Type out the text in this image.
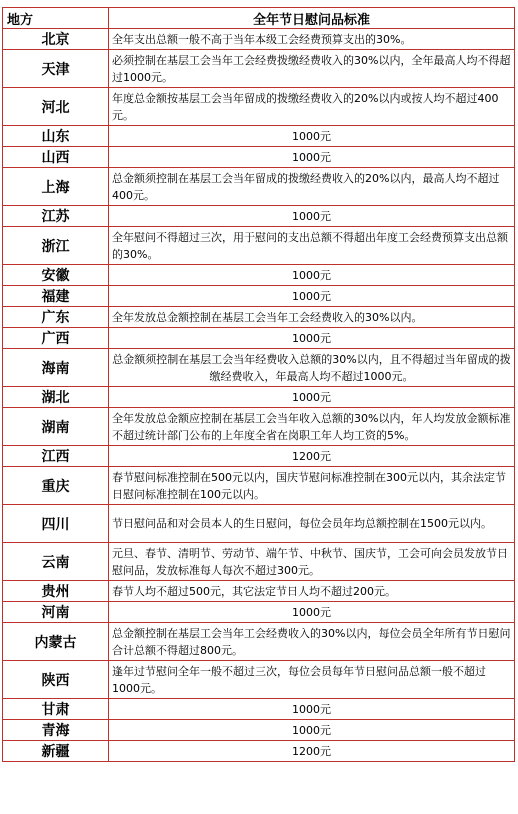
地方	全年节日慰问品标准
北京	全年支出总额一般不高于当年本级工会经费预算支出的30%。
天津	必须控制在基层工会当年工会经费拨缴经费收入的30%以内，全年最高人均不得超过1000元。
河北	年度总金额按基层工会当年留成的拨缴经费收入的20%以内或按人均不超过400元。
山东	1000元
山西	1000元
上海	总金额须控制在基层工会当年留成的拨缴经费收入的20%以内，最高人均不超过400元。
江苏	1000元
浙江	全年慰问不得超过三次，用于慰问的支出总额不得超出年度工会经费预算支出总额的30%。
安徽	1000元
福建	1000元
广东	全年发放总金额控制在基层工会当年工会经费收入的30%以内。
广西	1000元
海南	总金额须控制在基层工会当年经费收入总额的30%以内，且不得超过当年留成的拨缴经费收入，年最高人均不超过1000元。
湖北	1000元
湖南	全年发放总金额应控制在基层工会当年收入总额的30%以内，年人均发放金额标准不超过统计部门公布的上年度全省在岗职工年人均工资的5%。
江西	1200元
重庆	春节慰问标准控制在500元以内，国庆节慰问标准控制在300元以内，其余法定节日慰问标准控制在100元以内。
四川	节日慰问品和对会员本人的生日慰问，每位会员年均总额控制在1500元以内。
云南	元旦、春节、清明节、劳动节、端午节、中秋节、国庆节，工会可向会员发放节日慰问品，发放标准每人每次不超过300元。
贵州	春节人均不超过500元，其它法定节日人均不超过200元。
河南	1000元
内蒙古	总金额控制在基层工会当年工会经费收入的30%以内，每位会员全年所有节日慰问合计总额不得超过800元。
陕西	逢年过节慰问全年一般不超过三次，每位会员每年节日慰问品总额一般不超过1000元。
甘肃	1000元
青海	1000元
新疆	1200元
